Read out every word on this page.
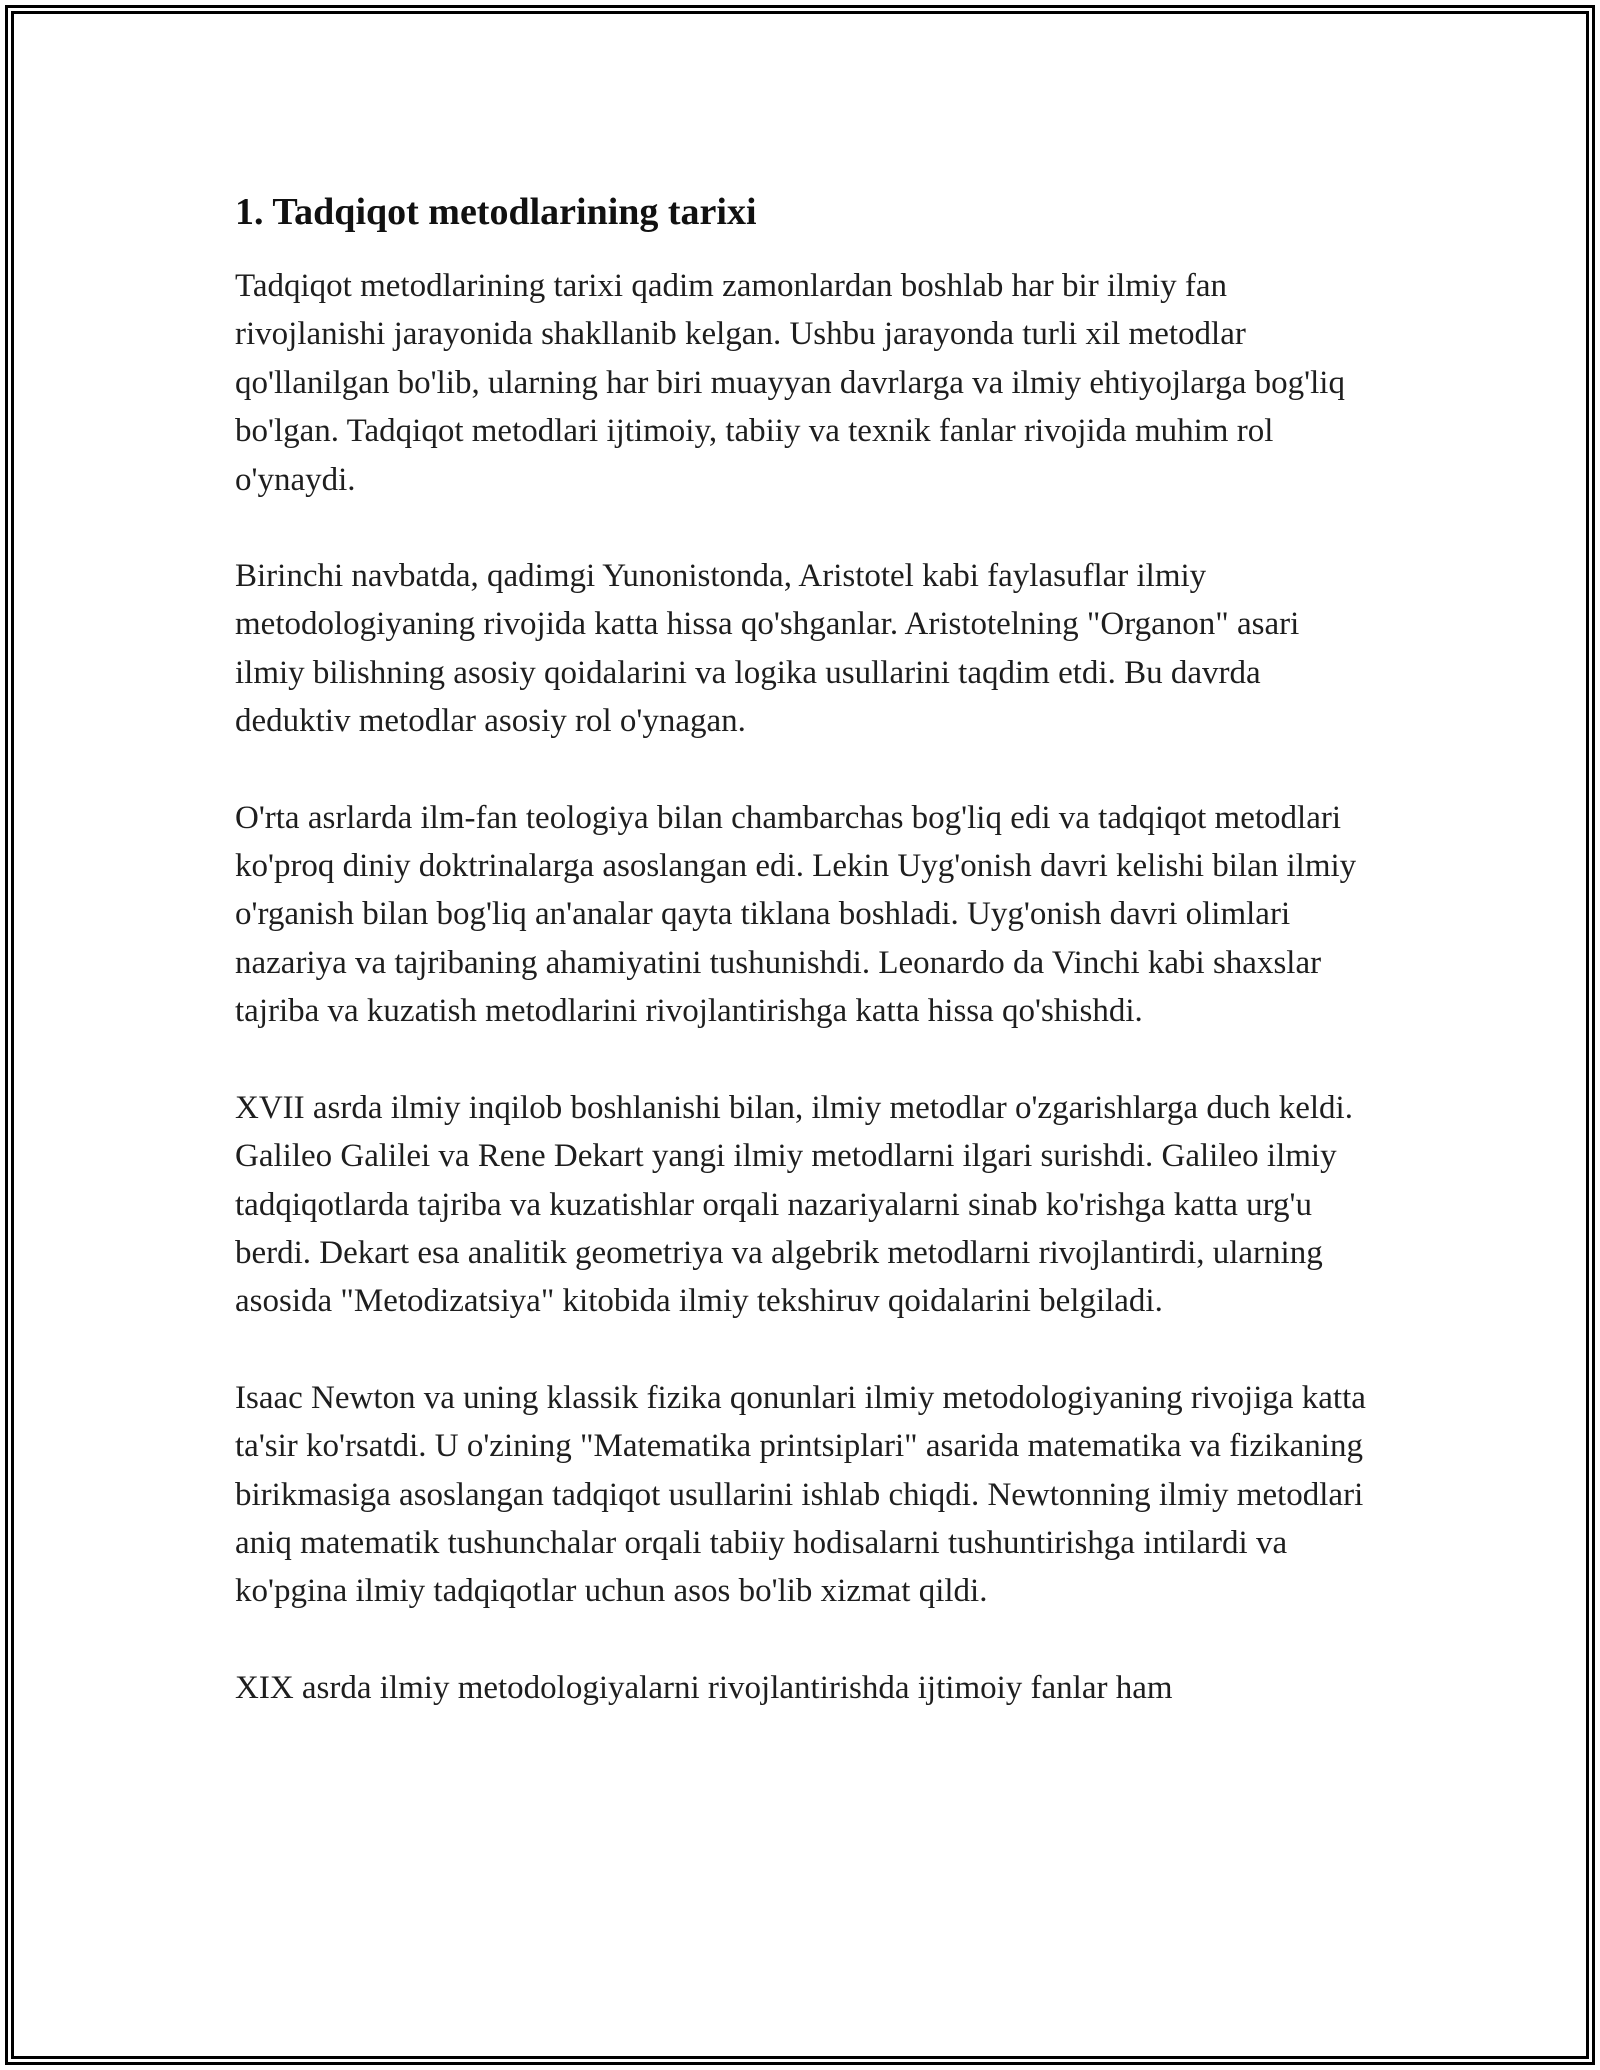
1. Tadqiqot metodlarining tarixi

Tadqiqot metodlarining tarixi qadim zamonlardan boshlab har bir ilmiy fan rivojlanishi jarayonida shakllanib kelgan. Ushbu jarayonda turli xil metodlar qo'llanilgan bo'lib, ularning har biri muayyan davrlarga va ilmiy ehtiyojlarga bog'liq bo'lgan. Tadqiqot metodlari ijtimoiy, tabiiy va texnik fanlar rivojida muhim rol o'ynaydi.

Birinchi navbatda, qadimgi Yunonistonda, Aristotel kabi faylasuflar ilmiy metodologiyaning rivojida katta hissa qo'shganlar. Aristotelning "Organon" asari ilmiy bilishning asosiy qoidalarini va logika usullarini taqdim etdi. Bu davrda deduktiv metodlar asosiy rol o'ynagan.

O'rta asrlarda ilm-fan teologiya bilan chambarchas bog'liq edi va tadqiqot metodlari ko'proq diniy doktrinalarga asoslangan edi. Lekin Uyg'onish davri kelishi bilan ilmiy o'rganish bilan bog'liq an'analar qayta tiklana boshladi. Uyg'onish davri olimlari nazariya va tajribaning ahamiyatini tushunishdi. Leonardo da Vinchi kabi shaxslar tajriba va kuzatish metodlarini rivojlantirishga katta hissa qo'shishdi.

XVII asrda ilmiy inqilob boshlanishi bilan, ilmiy metodlar o'zgarishlarga duch keldi. Galileo Galilei va Rene Dekart yangi ilmiy metodlarni ilgari surishdi. Galileo ilmiy tadqiqotlarda tajriba va kuzatishlar orqali nazariyalarni sinab ko'rishga katta urg'u berdi. Dekart esa analitik geometriya va algebrik metodlarni rivojlantirdi, ularning asosida "Metodizatsiya" kitobida ilmiy tekshiruv qoidalarini belgiladi.

Isaac Newton va uning klassik fizika qonunlari ilmiy metodologiyaning rivojiga katta ta'sir ko'rsatdi. U o'zining "Matematika printsiplari" asarida matematika va fizikaning birikmasiga asoslangan tadqiqot usullarini ishlab chiqdi. Newtonning ilmiy metodlari aniq matematik tushunchalar orqali tabiiy hodisalarni tushuntirishga intilardi va ko'pgina ilmiy tadqiqotlar uchun asos bo'lib xizmat qildi.

XIX asrda ilmiy metodologiyalarni rivojlantirishda ijtimoiy fanlar ham
